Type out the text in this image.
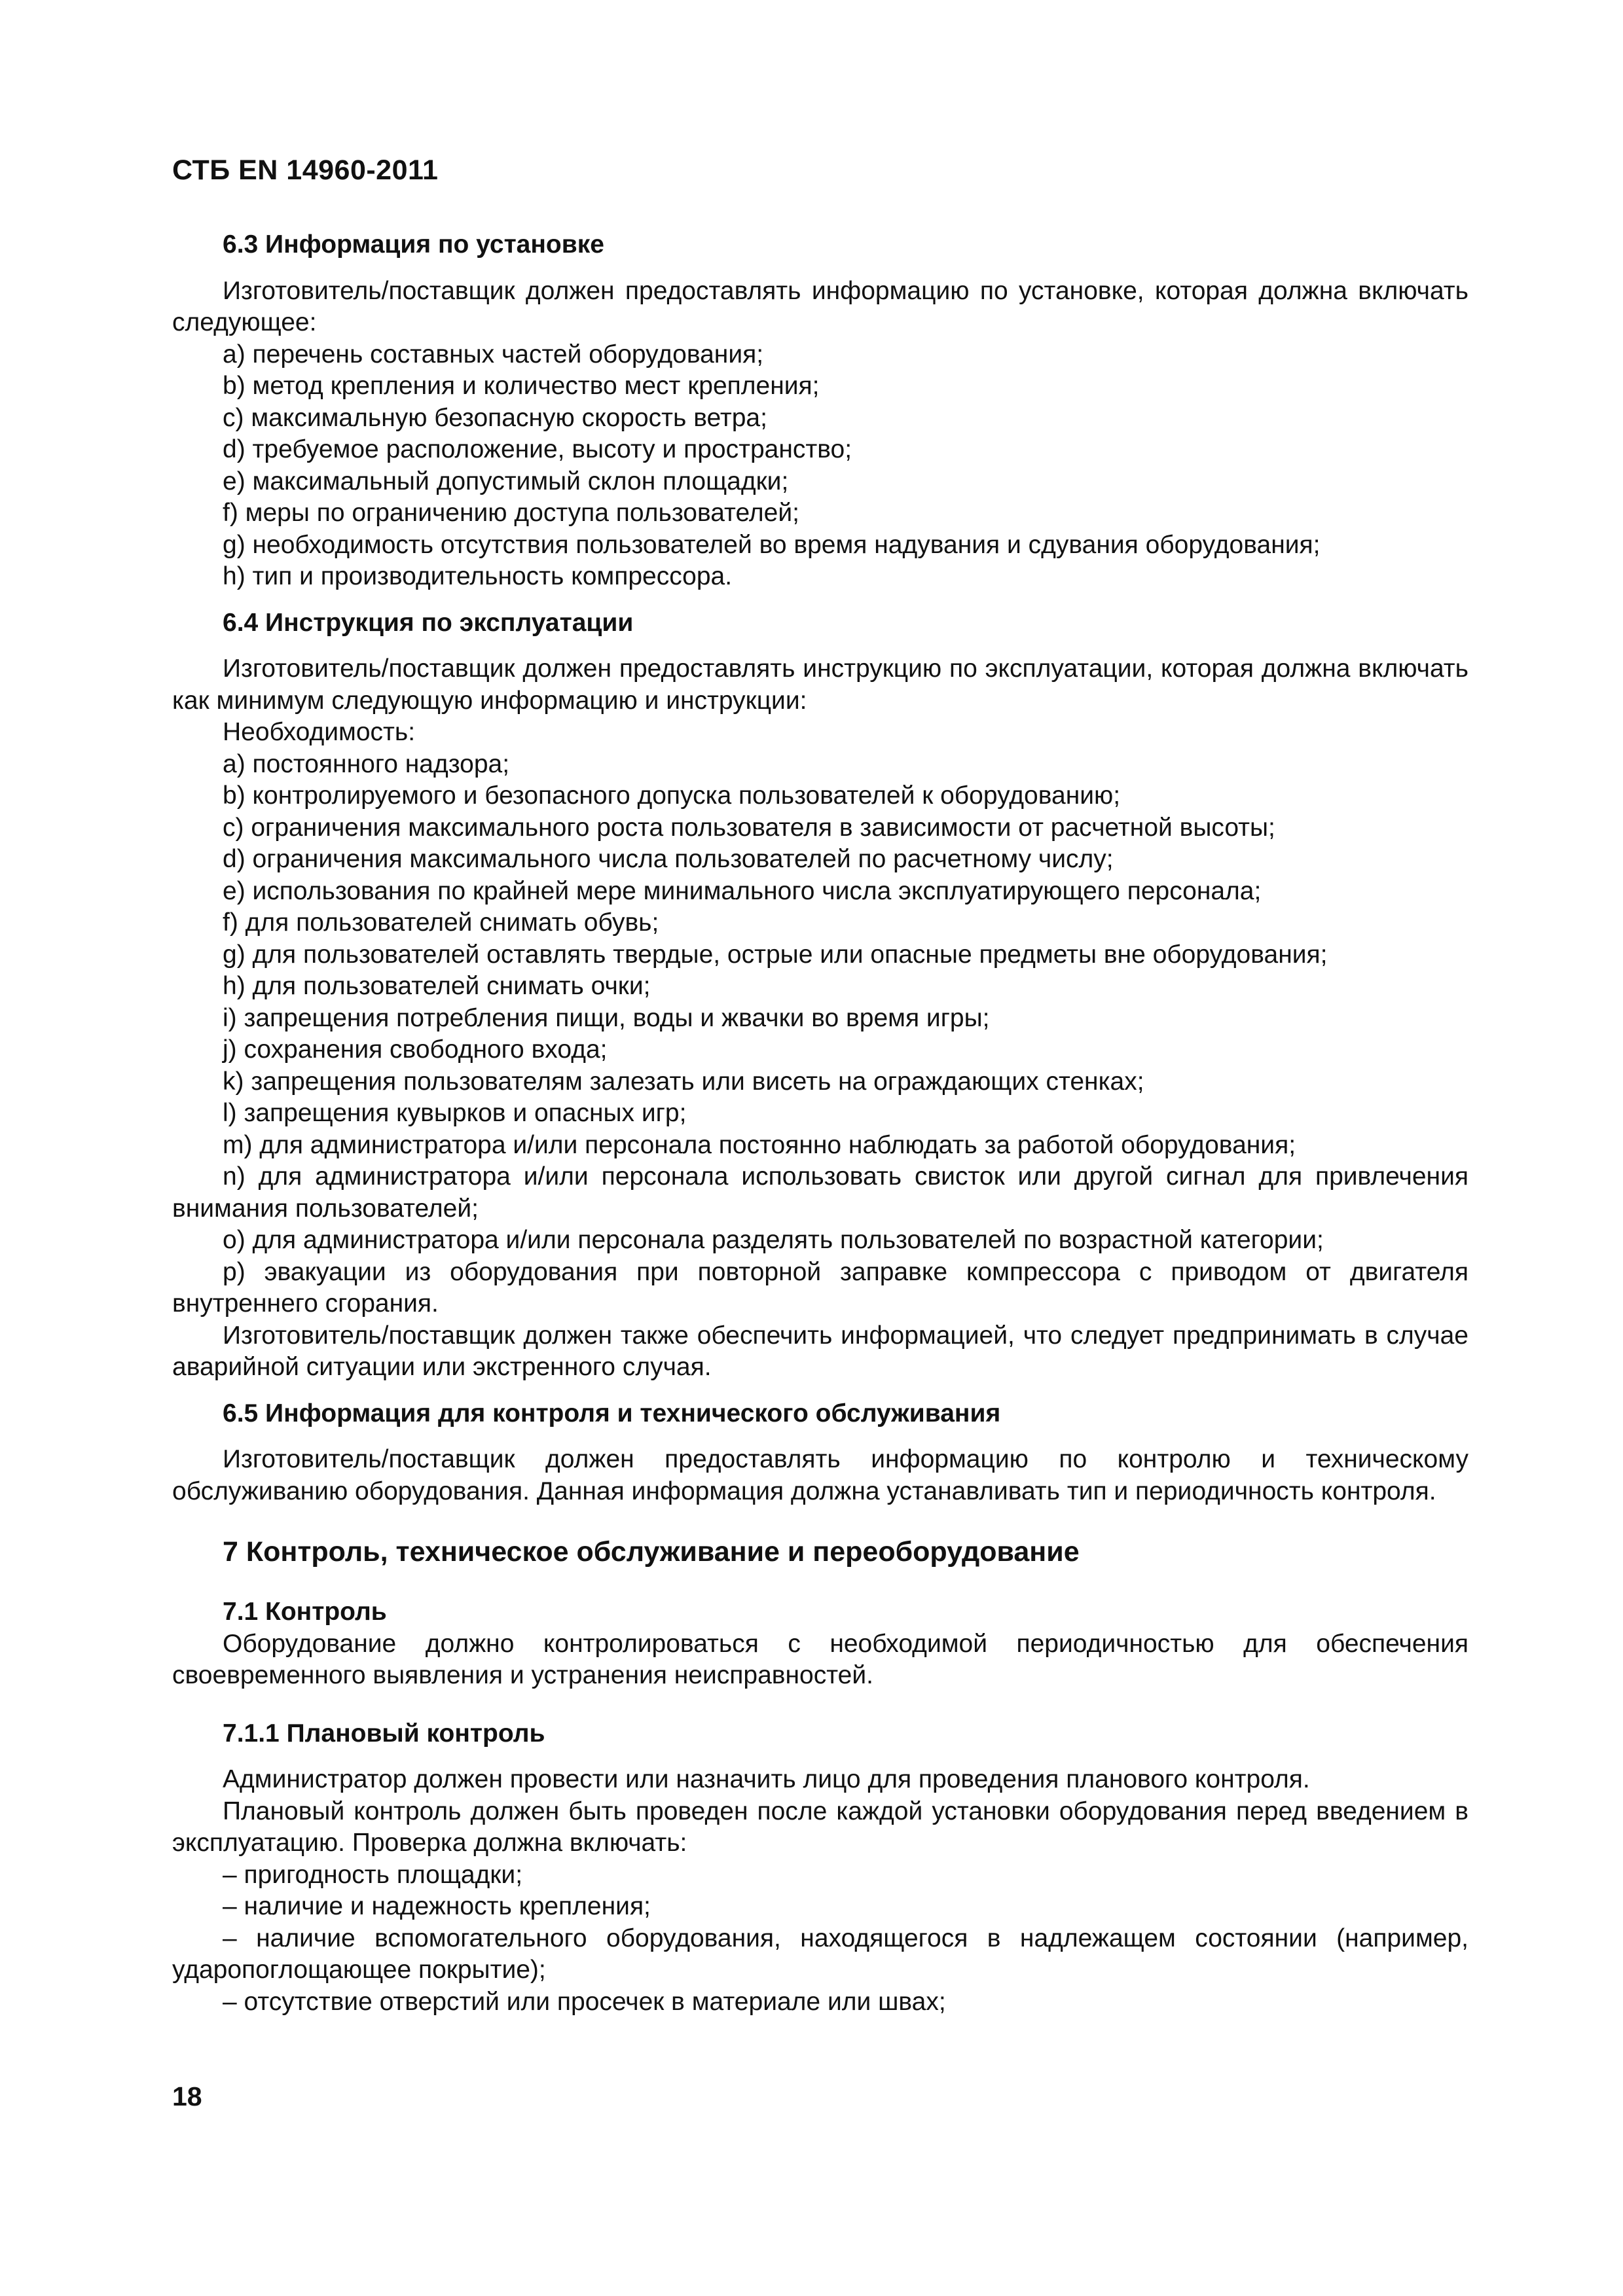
СТБ EN 14960-2011

6.3 Информация по установке

Изготовитель/поставщик должен предоставлять информацию по установке, которая должна включать следующее:

a) перечень составных частей оборудования;

b) метод крепления и количество мест крепления;

c) максимальную безопасную скорость ветра;

d) требуемое расположение, высоту и пространство;

e) максимальный допустимый склон площадки;

f) меры по ограничению доступа пользователей;

g) необходимость отсутствия пользователей во время надувания и сдувания оборудования;

h) тип и производительность компрессора.

6.4 Инструкция по эксплуатации

Изготовитель/поставщик должен предоставлять инструкцию по эксплуатации, которая должна включать как минимум следующую информацию и инструкции:

Необходимость:

a) постоянного надзора;

b) контролируемого и безопасного допуска пользователей к оборудованию;

c) ограничения максимального роста пользователя в зависимости от расчетной высоты;

d) ограничения максимального числа пользователей по расчетному числу;

e) использования по крайней мере минимального числа эксплуатирующего персонала;

f) для пользователей снимать обувь;

g) для пользователей оставлять твердые, острые или опасные предметы вне оборудования;

h) для пользователей снимать очки;

i) запрещения потребления пищи, воды и жвачки во время игры;

j) сохранения свободного входа;

k) запрещения пользователям залезать или висеть на ограждающих стенках;

l) запрещения кувырков и опасных игр;

m) для администратора и/или персонала постоянно наблюдать за работой оборудования;

n) для администратора и/или персонала использовать свисток или другой сигнал для привлечения внимания пользователей;

o) для администратора и/или персонала разделять пользователей по возрастной категории;

p) эвакуации из оборудования при повторной заправке компрессора с приводом от двигателя внутреннего сгорания.

Изготовитель/поставщик должен также обеспечить информацией, что следует предпринимать в случае аварийной ситуации или экстренного случая.

6.5 Информация для контроля и технического обслуживания

Изготовитель/поставщик должен предоставлять информацию по контролю и техническому обслуживанию оборудования. Данная информация должна устанавливать тип и периодичность контроля.

7 Контроль, техническое обслуживание и переоборудование

7.1 Контроль

Оборудование должно контролироваться с необходимой периодичностью для обеспечения своевременного выявления и устранения неисправностей.

7.1.1 Плановый контроль

Администратор должен провести или назначить лицо для проведения планового контроля.

Плановый контроль должен быть проведен после каждой установки оборудования перед введением в эксплуатацию. Проверка должна включать:

– пригодность площадки;

– наличие и надежность крепления;

– наличие вспомогательного оборудования, находящегося в надлежащем состоянии (например, ударопоглощающее покрытие);

– отсутствие отверстий или просечек в материале или швах;

18
